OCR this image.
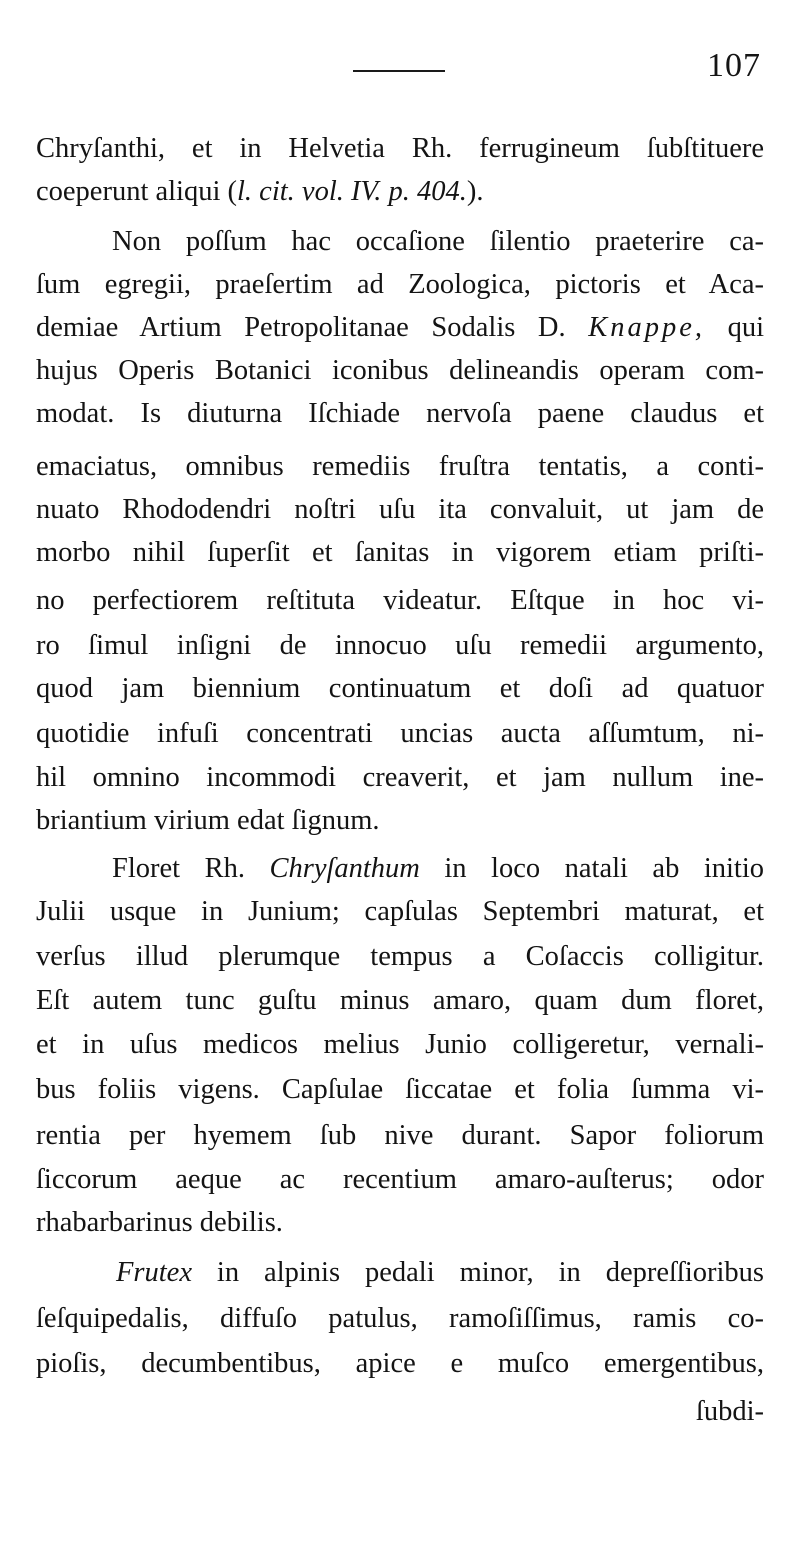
107
Chryſanthi, et in Helvetia Rh. ferrugineum ſubſtituere
coeperunt aliqui (l. cit. vol. IV. p. 404.).
Non poſſum hac occaſione ſilentio praeterire ca-
ſum egregii, praeſertim ad Zoologica, pictoris et Aca-
demiae Artium Petropolitanae Sodalis D. Knappe, qui
hujus Operis Botanici iconibus delineandis operam com-
modat. Is diuturna Iſchiade nervoſa paene claudus et
emaciatus, omnibus remediis fruſtra tentatis, a conti-
nuato Rhododendri noſtri uſu ita convaluit, ut jam de
morbo nihil ſuperſit et ſanitas in vigorem etiam priſti-
no perfectiorem reſtituta videatur. Eſtque in hoc vi-
ro ſimul inſigni de innocuo uſu remedii argumento,
quod jam biennium continuatum et doſi ad quatuor
quotidie infuſi concentrati uncias aucta aſſumtum, ni-
hil omnino incommodi creaverit, et jam nullum ine-
briantium virium edat ſignum.
Floret Rh. Chryſanthum in loco natali ab initio
Julii usque in Junium; capſulas Septembri maturat, et
verſus illud plerumque tempus a Coſaccis colligitur.
Eſt autem tunc guſtu minus amaro, quam dum floret,
et in uſus medicos melius Junio colligeretur, vernali-
bus foliis vigens. Capſulae ſiccatae et folia ſumma vi-
rentia per hyemem ſub nive durant. Sapor foliorum
ſiccorum aeque ac recentium amaro-auſterus; odor
rhabarbarinus debilis.
Frutex in alpinis pedali minor, in depreſſioribus
ſeſquipedalis, diffuſo patulus, ramoſiſſimus, ramis co-
pioſis, decumbentibus, apice e muſco emergentibus,
ſubdi-
